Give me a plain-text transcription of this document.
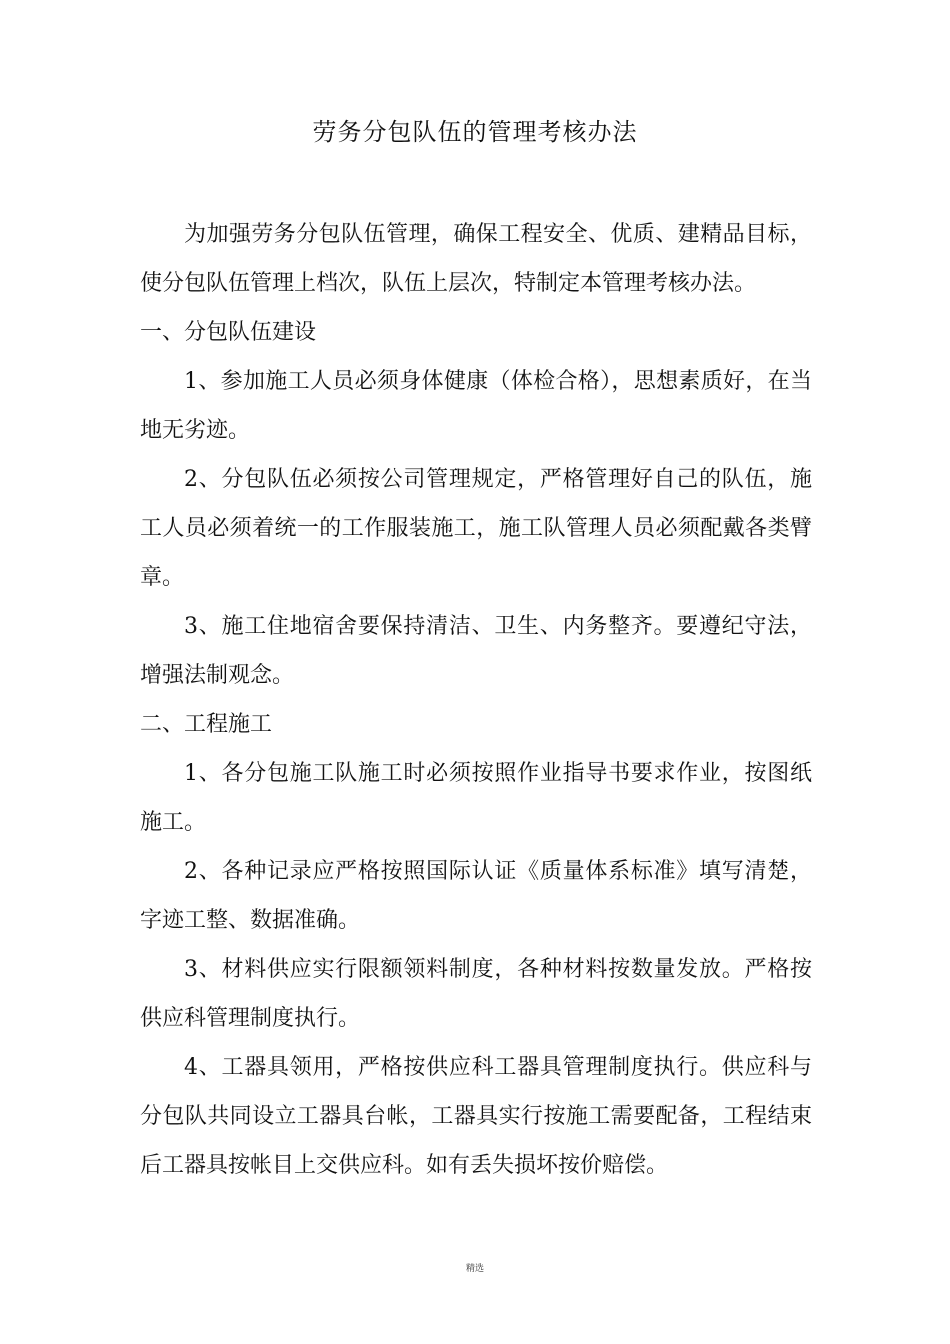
劳务分包队伍的管理考核办法

为加强劳务分包队伍管理，确保工程安全、优质、建精品目标，使分包队伍管理上档次，队伍上层次，特制定本管理考核办法。

一、分包队伍建设

1、参加施工人员必须身体健康（体检合格），思想素质好，在当地无劣迹。

2、分包队伍必须按公司管理规定，严格管理好自己的队伍，施工人员必须着统一的工作服装施工，施工队管理人员必须配戴各类臂章。

3、施工住地宿舍要保持清洁、卫生、内务整齐。要遵纪守法，增强法制观念。

二、工程施工

1、各分包施工队施工时必须按照作业指导书要求作业，按图纸施工。

2、各种记录应严格按照国际认证《质量体系标准》填写清楚，字迹工整、数据准确。

3、材料供应实行限额领料制度，各种材料按数量发放。严格按供应科管理制度执行。

4、工器具领用，严格按供应科工器具管理制度执行。供应科与分包队共同设立工器具台帐，工器具实行按施工需要配备，工程结束后工器具按帐目上交供应科。如有丢失损坏按价赔偿。

精选
